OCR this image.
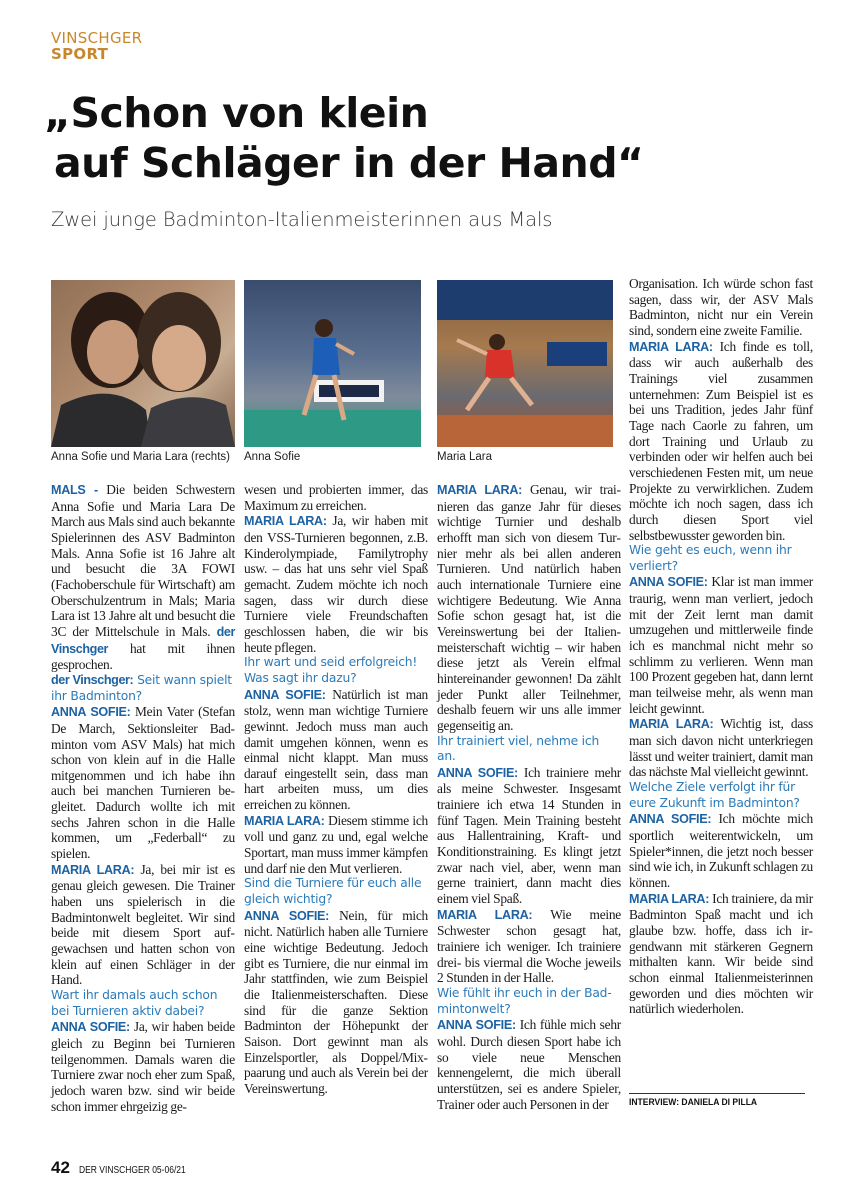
VINSCHGER
SPORT
„Schon von klein
auf Schläger in der Hand“
Zwei junge Badminton-Italienmeisterinnen aus Mals
Anna Sofie und Maria Lara (rechts) Anna Sofie	Maria Lara

MALS - Die beiden Schwestern Anna Sofie und Maria Lara De March aus Mals sind auch bekannte Spielerinnen des ASV Badminton Mals. Anna Sofie ist 16 Jahre alt und besucht die 3A FOWI (Fachoberschule für Wirtschaft) am Oberschulzentrum in Mals; Maria Lara ist 13 Jahre alt und besucht die 3C der Mittelschule in Mals. der Vinschger hat mit ihnen gesprochen.

der Vinschger: Seit wann spielt ihr Badminton?

ANNA SOFIE: Mein Vater (Stefan De March, Sektionsleiter Badminton vom ASV Mals) hat mich schon von klein auf in die Halle mitgenommen und ich habe ihn auch bei manchen Turnieren begleitet. Dadurch wollte ich mit sechs Jahren schon in die Halle kommen, um „Federball“ zu spielen.

MARIA LARA: Ja, bei mir ist es genau gleich gewesen. Die Trainer haben uns spielerisch in die Badmintonwelt begleitet. Wir sind beide mit diesem Sport aufgewachsen und hatten schon von klein auf einen Schläger in der Hand.

Wart ihr damals auch schon bei Turnieren aktiv dabei?

ANNA SOFIE: Ja, wir haben beide gleich zu Beginn bei Turnieren teilgenommen. Damals waren die Turniere zwar noch eher zum Spaß, jedoch waren bzw. sind wir beide schon immer ehrgeizig ge-

wesen und probierten immer, das Maximum zu erreichen.

MARIA LARA: Ja, wir haben mit den VSS-Turnieren begonnen, z.B. Kinderolympiade, Familytrophy usw. – das hat uns sehr viel Spaß gemacht. Zudem möchte ich noch sagen, dass wir durch diese Turniere viele Freundschaften geschlossen haben, die wir bis heute pflegen.

Ihr wart und seid erfolgreich! Was sagt ihr dazu?

ANNA SOFIE: Natürlich ist man stolz, wenn man wichtige Turniere gewinnt. Jedoch muss man auch damit umgehen können, wenn es einmal nicht klappt. Man muss darauf eingestellt sein, dass man hart arbeiten muss, um dies erreichen zu können.

MARIA LARA: Diesem stimme ich voll und ganz zu und, egal welche Sportart, man muss immer kämpfen und darf nie den Mut verlieren.

Sind die Turniere für euch alle gleich wichtig?

ANNA SOFIE: Nein, für mich nicht. Natürlich haben alle Turniere eine wichtige Bedeutung. Jedoch gibt es Turniere, die nur einmal im Jahr stattfinden, wie zum Beispiel die Italienmeisterschaften. Diese sind für die ganze Sektion Badminton der Höhepunkt der Saison. Dort gewinnt man als Einzelsportler, als Doppel/Mixpaarung und auch als Verein bei der Vereinswertung.

MARIA LARA: Genau, wir trainieren das ganze Jahr für dieses wichtige Turnier und deshalb erhofft man sich von diesem Turnier mehr als bei allen anderen Turnieren. Und natürlich haben auch internationale Turniere eine wichtigere Bedeutung. Wie Anna Sofie schon gesagt hat, ist die Vereinswertung bei der Italienmeisterschaft wichtig – wir haben diese jetzt als Verein elfmal hintereinander gewonnen! Da zählt jeder Punkt aller Teilnehmer, deshalb feuern wir uns alle immer gegenseitig an.

Ihr trainiert viel, nehme ich an.

ANNA SOFIE: Ich trainiere mehr als meine Schwester. Insgesamt trainiere ich etwa 14 Stunden in fünf Tagen. Mein Training besteht aus Hallentraining, Kraft- und Konditionstraining. Es klingt jetzt zwar nach viel, aber, wenn man gerne trainiert, dann macht dies einem viel Spaß.

MARIA LARA: Wie meine Schwester schon gesagt hat, trainiere ich weniger. Ich trainiere drei- bis viermal die Woche jeweils 2 Stunden in der Halle.

Wie fühlt ihr euch in der Badmintonwelt?

ANNA SOFIE: Ich fühle mich sehr wohl. Durch diesen Sport habe ich so viele neue Menschen kennengelernt, die mich überall unterstützen, sei es andere Spieler, Trainer oder auch Personen in der

Organisation. Ich würde schon fast sagen, dass wir, der ASV Mals Badminton, nicht nur ein Verein sind, sondern eine zweite Familie.

MARIA LARA: Ich finde es toll, dass wir auch außerhalb des Trainings viel zusammen unternehmen: Zum Beispiel ist es bei uns Tradition, jedes Jahr fünf Tage nach Caorle zu fahren, um dort Training und Urlaub zu verbinden oder wir helfen auch bei verschiedenen Festen mit, um neue Projekte zu verwirklichen. Zudem möchte ich noch sagen, dass ich durch diesen Sport viel selbstbewusster geworden bin.

Wie geht es euch, wenn ihr verliert?

ANNA SOFIE: Klar ist man immer traurig, wenn man verliert, jedoch mit der Zeit lernt man damit umzugehen und mittlerweile finde ich es manchmal nicht mehr so schlimm zu verlieren. Wenn man 100 Prozent gegeben hat, dann lernt man teilweise mehr, als wenn man leicht gewinnt.

MARIA LARA: Wichtig ist, dass man sich davon nicht unterkriegen lässt und weiter trainiert, damit man das nächste Mal vielleicht gewinnt.

Welche Ziele verfolgt ihr für eure Zukunft im Badminton?

ANNA SOFIE: Ich möchte mich sportlich weiterentwickeln, um Spieler*innen, die jetzt noch besser sind wie ich, in Zukunft schlagen zu können.

MARIA LARA: Ich trainiere, da mir Badminton Spaß macht und ich glaube bzw. hoffe, dass ich irgendwann mit stärkeren Gegnern mithalten kann. Wir beide sind schon einmal Italienmeisterinnen geworden und dies möchten wir natürlich wiederholen.

INTERVIEW: DANIELA DI PILLA
42 DER VINSCHGER 05-06/21
